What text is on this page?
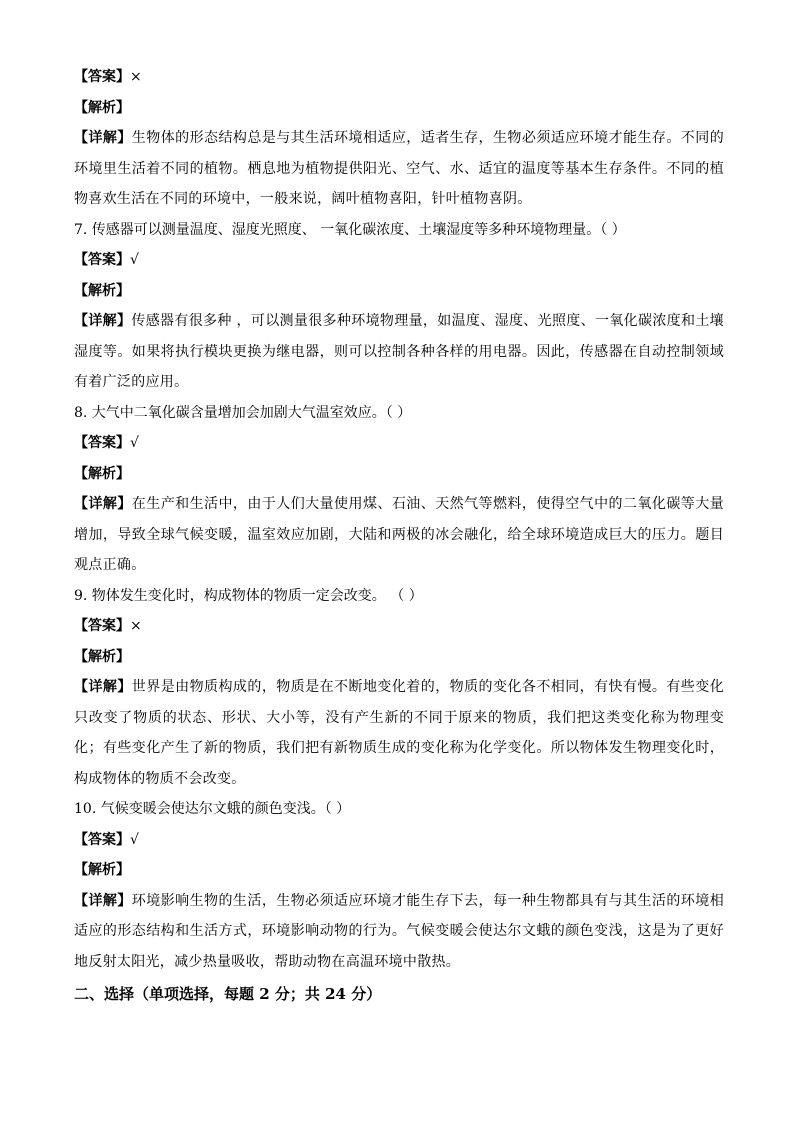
【答案】×
【解析】
【详解】生物体的形态结构总是与其生活环境相适应，适者生存，生物必须适应环境才能生存。不同的环境里生活着不同的植物。栖息地为植物提供阳光、空气、水、适宜的温度等基本生存条件。不同的植物喜欢生活在不同的环境中，一般来说，阔叶植物喜阳，针叶植物喜阴。
7. 传感器可以测量温度、湿度光照度、 一氧化碳浓度、土壤湿度等多种环境物理量。（ ）
【答案】√
【解析】
【详解】传感器有很多种 ，可以测量很多种环境物理量，如温度、湿度、光照度、一氧化碳浓度和土壤湿度等。如果将执行模块更换为继电器，则可以控制各种各样的用电器。因此，传感器在自动控制领域有着广泛的应用。
8. 大气中二氧化碳含量增加会加剧大气温室效应。（ ）
【答案】√
【解析】
【详解】在生产和生活中，由于人们大量使用煤、石油、天然气等燃料，使得空气中的二氧化碳等大量增加，导致全球气候变暖，温室效应加剧，大陆和两极的冰会融化，给全球环境造成巨大的压力。题目观点正确。
9. 物体发生变化时，构成物体的物质一定会改变。 （ ）
【答案】×
【解析】
【详解】世界是由物质构成的，物质是在不断地变化着的，物质的变化各不相同，有快有慢。有些变化只改变了物质的状态、形状、大小等，没有产生新的不同于原来的物质，我们把这类变化称为物理变化；有些变化产生了新的物质，我们把有新物质生成的变化称为化学变化。所以物体发生物理变化时，构成物体的物质不会改变。
10. 气候变暖会使达尔文蛾的颜色变浅。（ ）
【答案】√
【解析】
【详解】环境影响生物的生活，生物必须适应环境才能生存下去，每一种生物都具有与其生活的环境相适应的形态结构和生活方式，环境影响动物的行为。气候变暖会使达尔文蛾的颜色变浅，这是为了更好地反射太阳光，减少热量吸收，帮助动物在高温环境中散热。
二、选择（单项选择，每题 2 分；共 24 分）
